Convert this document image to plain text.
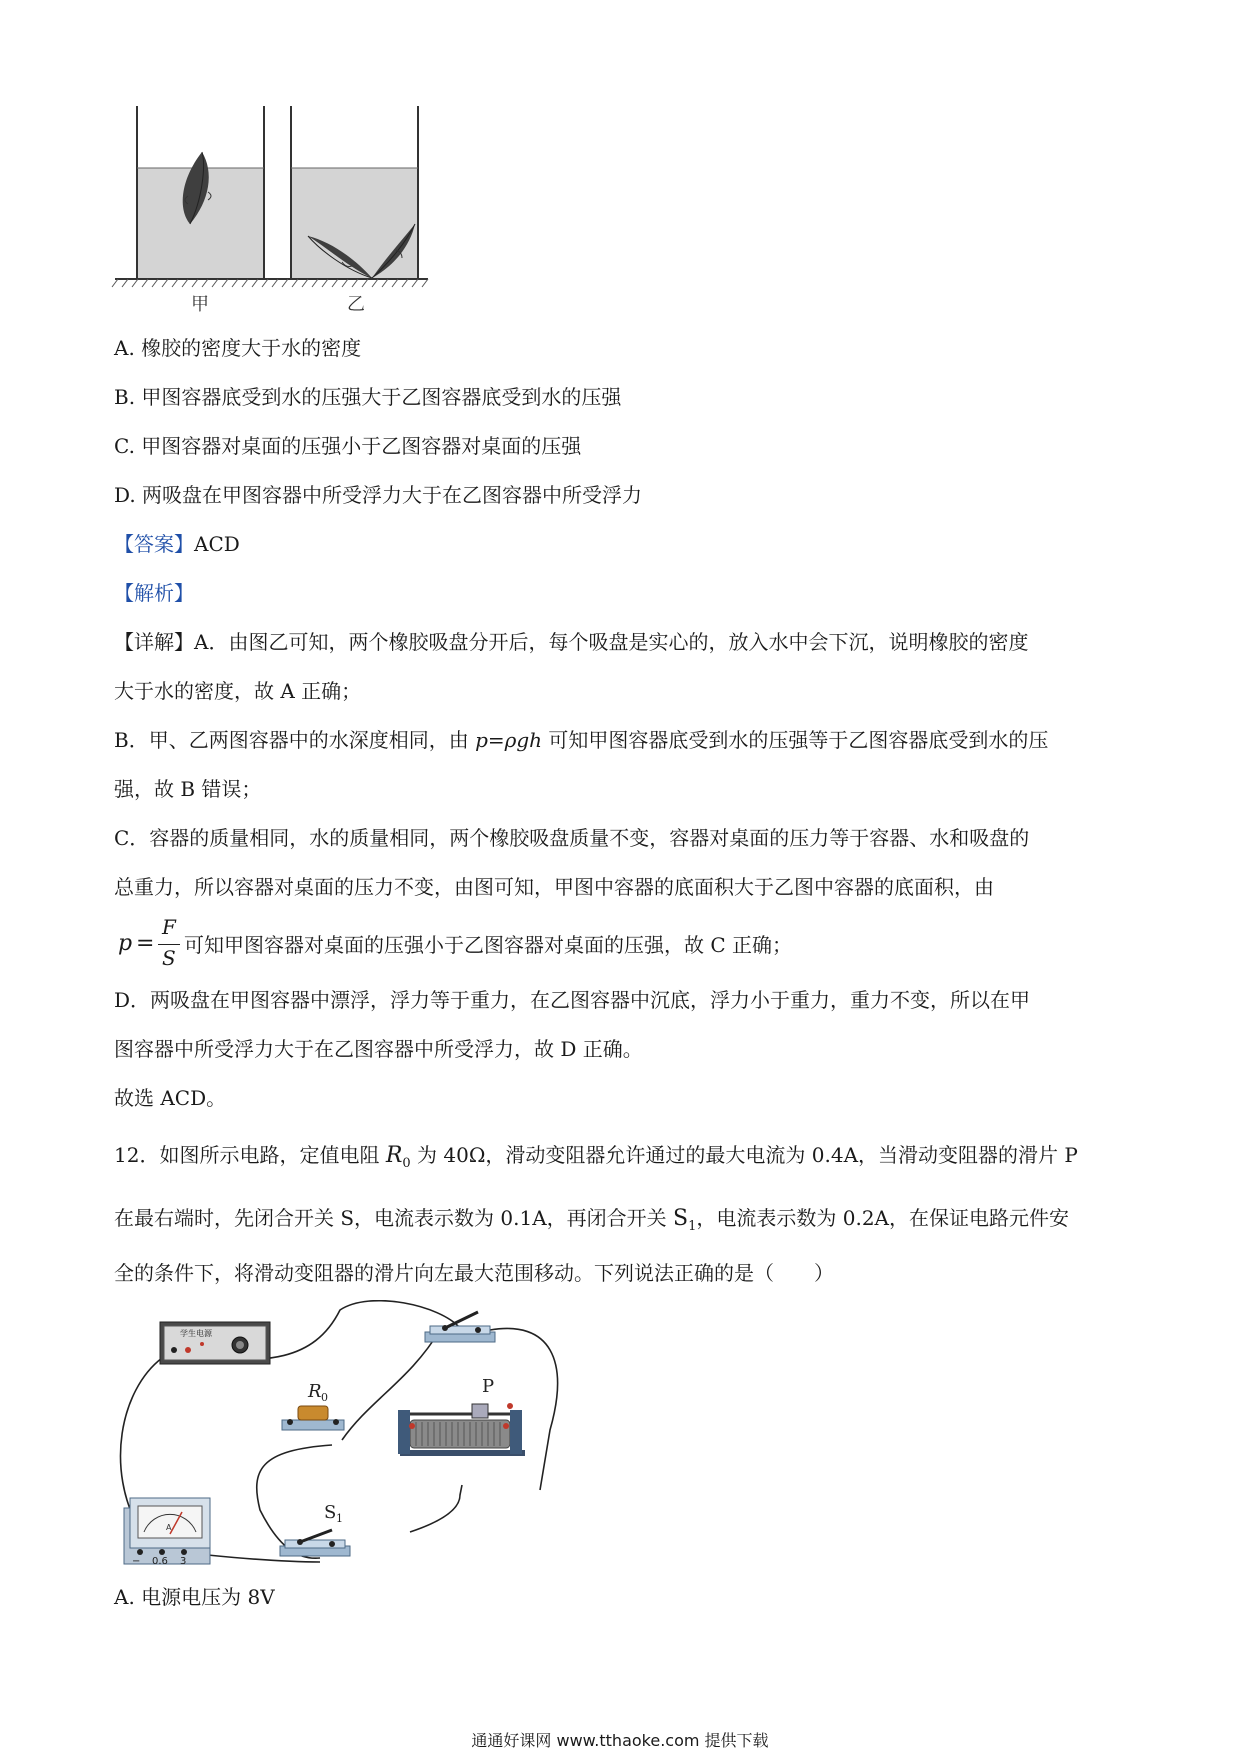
甲	乙
A. 橡胶的密度大于水的密度
B. 甲图容器底受到水的压强大于乙图容器底受到水的压强
C. 甲图容器对桌面的压强小于乙图容器对桌面的压强
D. 两吸盘在甲图容器中所受浮力大于在乙图容器中所受浮力
【答案】ACD
【解析】
【详解】A．由图乙可知，两个橡胶吸盘分开后，每个吸盘是实心的，放入水中会下沉，说明橡胶的密度
大于水的密度，故 A 正确；
B．甲、乙两图容器中的水深度相同，由 p=ρgh 可知甲图容器底受到水的压强等于乙图容器底受到水的压
强，故 B 错误；
C．容器的质量相同，水的质量相同，两个橡胶吸盘质量不变，容器对桌面的压力等于容器、水和吸盘的
总重力，所以容器对桌面的压力不变，由图可知，甲图中容器的底面积大于乙图中容器的底面积，由
p =
F
S
可知甲图容器对桌面的压强小于乙图容器对桌面的压强，故 C 正确；
D．两吸盘在甲图容器中漂浮，浮力等于重力，在乙图容器中沉底，浮力小于重力，重力不变，所以在甲
图容器中所受浮力大于在乙图容器中所受浮力，故 D 正确。
故选 ACD。
12．如图所示电路，定值电阻 $R_0$ 为 40Ω，滑动变阻器允许通过的最大电流为 0.4A，当滑动变阻器的滑片 P
在最右端时，先闭合开关 S，电流表示数为 0.1A，再闭合开关 $S_1$，电流表示数为 0.2A，在保证电路元件安
全的条件下，将滑动变阻器的滑片向左最大范围移动。下列说法正确的是（　　）
学生电源
R 0
P
A
− 0.6 3
S 1
A. 电源电压为 8V
通通好课网 www.tthaoke.com 提供下载
